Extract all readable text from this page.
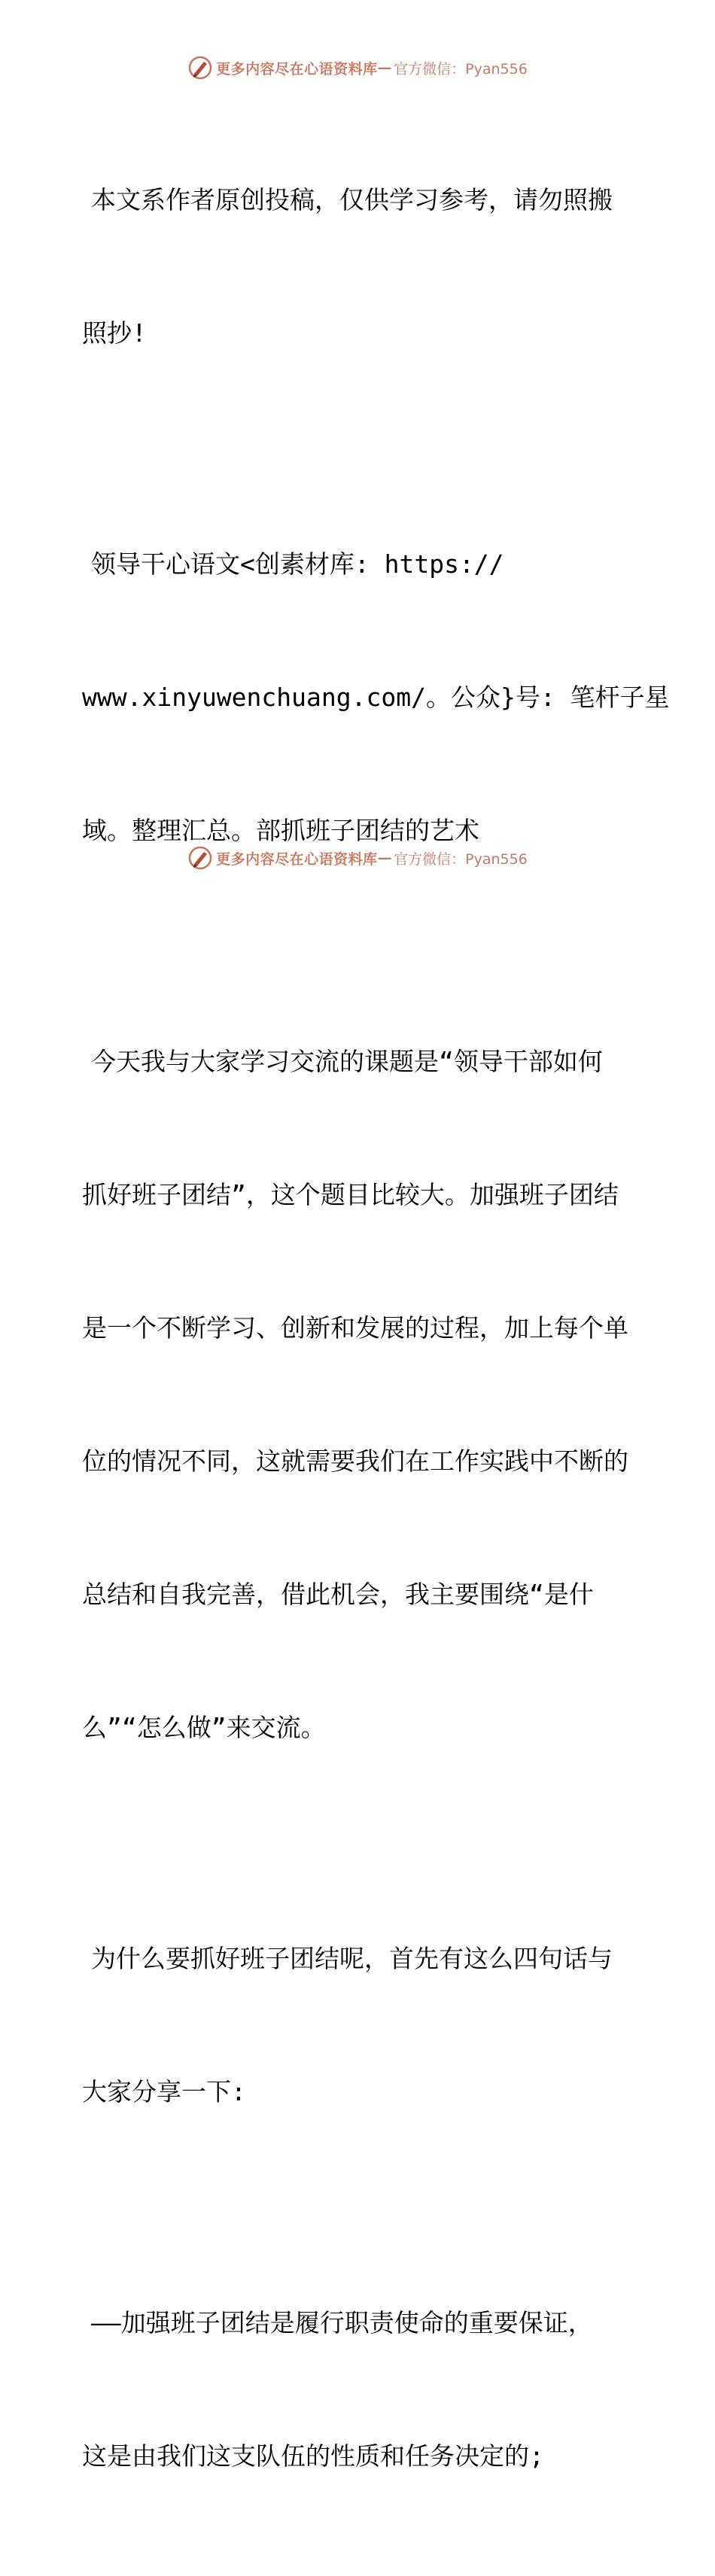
更多内容尽在心语资料库 — 官方微信：Pyan556

本文系作者原创投稿，仅供学习参考，请勿照搬

照抄!

领导干心语文<创素材库: https://

www.xinyuwenchuang.com/。公众}号: 笔杆子星

域。整理汇总。部抓班子团结的艺术

今天我与大家学习交流的课题是“领导干部如何

抓好班子团结”，这个题目比较大。加强班子团结

是一个不断学习、创新和发展的过程，加上每个单

位的情况不同，这就需要我们在工作实践中不断的

总结和自我完善，借此机会，我主要围绕“是什

么”“怎么做”来交流。

为什么要抓好班子团结呢，首先有这么四句话与

大家分享一下:

——加强班子团结是履行职责使命的重要保证，

这是由我们这支队伍的性质和任务决定的;

更多内容尽在心语资料库 — 官方微信：Pyan556
